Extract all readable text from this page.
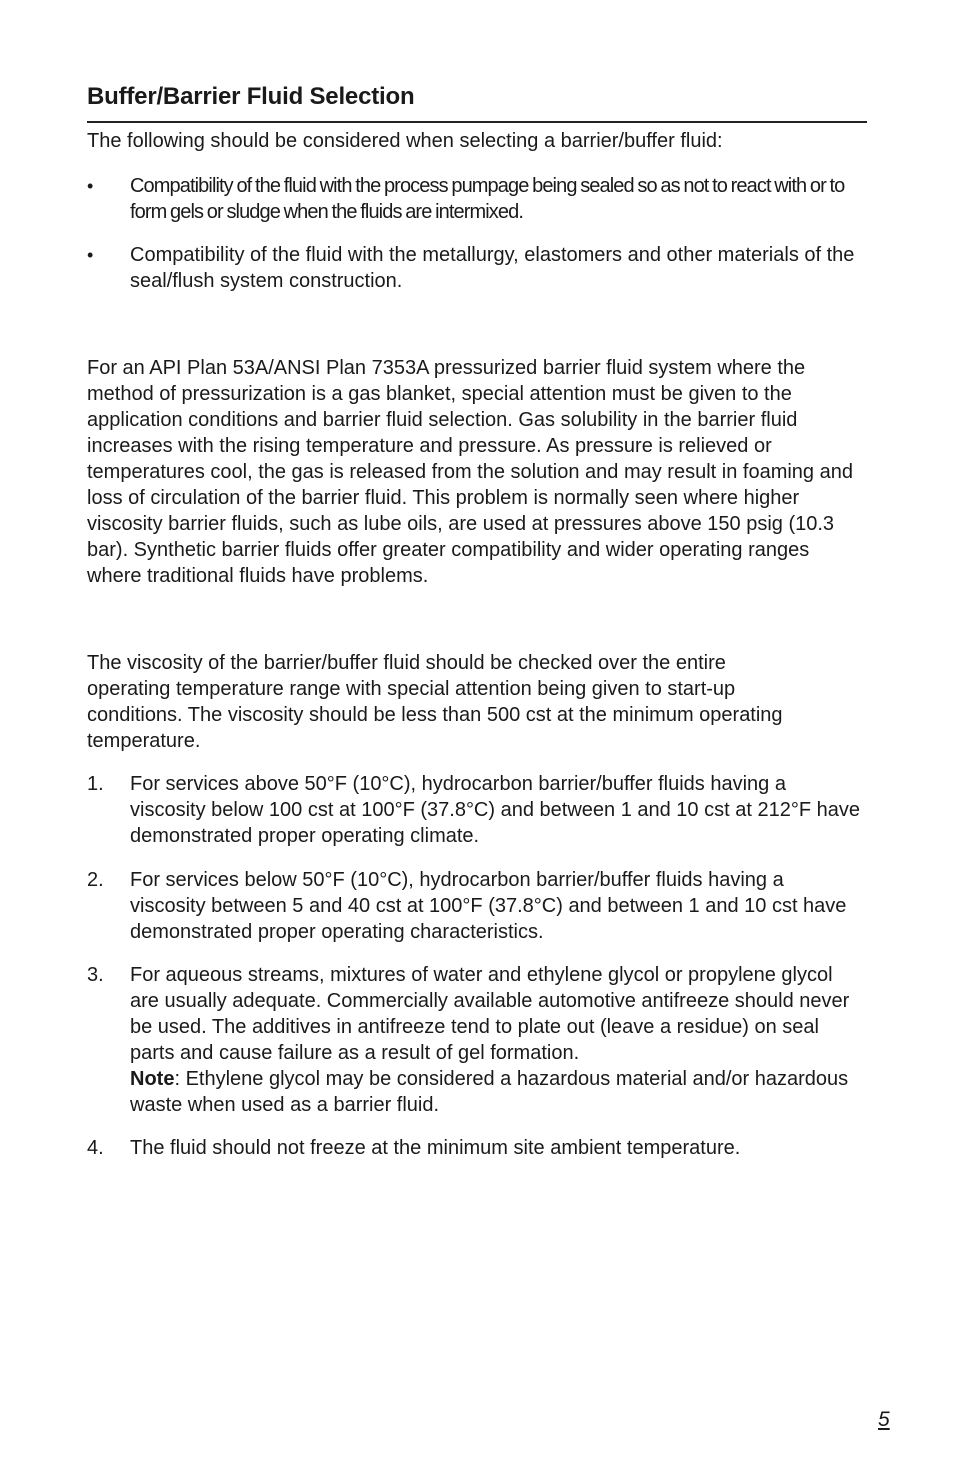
Buffer/Barrier Fluid Selection

The following should be considered when selecting a barrier/buffer fluid:

•	Compatibility of the fluid with the process pumpage being sealed so as not to react with or to form gels or sludge when the fluids are intermixed.
•	Compatibility of the fluid with the metallurgy, elastomers and other materials of the seal/flush system construction.

For an API Plan 53A/ANSI Plan 7353A pressurized barrier fluid system where the method of pressurization is a gas blanket, special attention must be given to the application conditions and barrier fluid selection. Gas solubility in the barrier fluid increases with the rising temperature and pressure. As pressure is relieved or temperatures cool, the gas is released from the solution and may result in foaming and loss of circulation of the barrier fluid. This problem is normally seen where higher viscosity barrier fluids, such as lube oils, are used at pressures above 150 psig (10.3 bar). Synthetic barrier fluids offer greater compatibility and wider operating ranges where traditional fluids have problems.

The viscosity of the barrier/buffer fluid should be checked over the entire operating temperature range with special attention being given to start-up conditions. The viscosity should be less than 500 cst at the minimum operating temperature.

1.	For services above 50°F (10°C), hydrocarbon barrier/buffer fluids having a viscosity below 100 cst at 100°F (37.8°C) and between 1 and 10 cst at 212°F have demonstrated proper operating climate.
2.	For services below 50°F (10°C), hydrocarbon barrier/buffer fluids having a viscosity between 5 and 40 cst at 100°F (37.8°C) and between 1 and 10 cst have demonstrated proper operating characteristics.
3.	For aqueous streams, mixtures of water and ethylene glycol or propylene glycol are usually adequate. Commercially available automotive antifreeze should never be used. The additives in antifreeze tend to plate out (leave a residue) on seal parts and cause failure as a result of gel formation.
Note: Ethylene glycol may be considered a hazardous material and/or hazardous waste when used as a barrier fluid.
4.	The fluid should not freeze at the minimum site ambient temperature.
5
